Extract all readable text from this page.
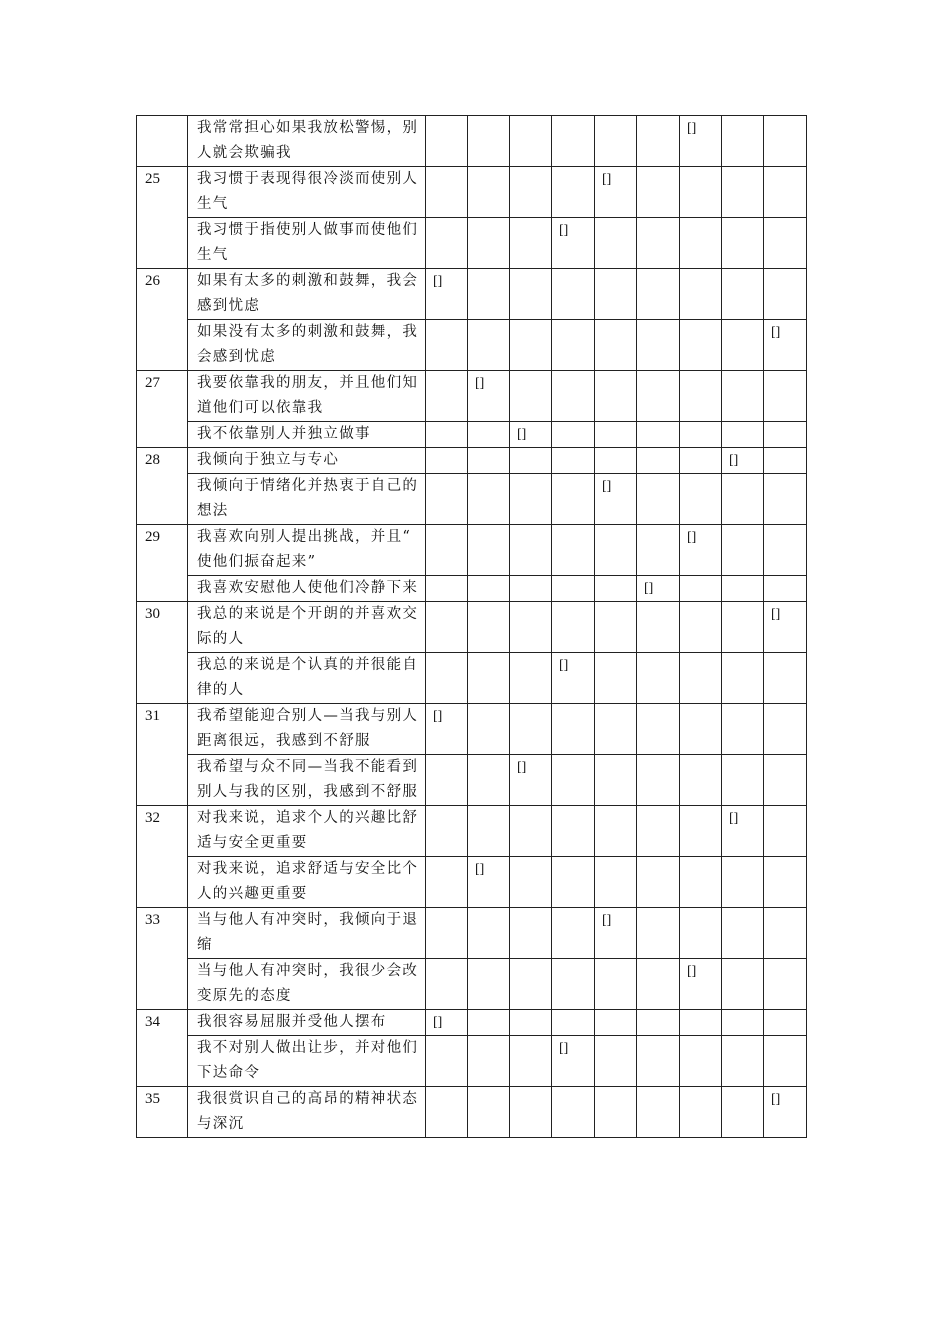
	我常常担心如果我放松警惕，别人就会欺骗我							[]		
25	我习惯于表现得很冷淡而使别人生气					[]				
	我习惯于指使别人做事而使他们生气				[]					
26	如果有太多的刺激和鼓舞，我会感到忧虑	[]								
	如果没有太多的刺激和鼓舞，我会感到忧虑									[]
27	我要依靠我的朋友，并且他们知道他们可以依靠我		[]							
	我不依靠别人并独立做事			[]						
28	我倾向于独立与专心								[]	
	我倾向于情绪化并热衷于自己的想法					[]				
29	我喜欢向别人提出挑战，并且“ 使他们振奋起来”							[]		
	我喜欢安慰他人使他们冷静下来						[]			
30	我总的来说是个开朗的并喜欢交际的人									[]
	我总的来说是个认真的并很能自律的人				[]					
31	我希望能迎合别人—当我与别人距离很远，我感到不舒服	[]								
	我希望与众不同—当我不能看到别人与我的区别，我感到不舒服			[]						
32	对我来说，追求个人的兴趣比舒适与安全更重要								[]	
	对我来说，追求舒适与安全比个人的兴趣更重要		[]							
33	当与他人有冲突时，我倾向于退缩					[]				
	当与他人有冲突时，我很少会改变原先的态度							[]		
34	我很容易屈服并受他人摆布	[]								
	我不对别人做出让步，并对他们下达命令				[]					
35	我很赏识自己的高昂的精神状态与深沉									[]
